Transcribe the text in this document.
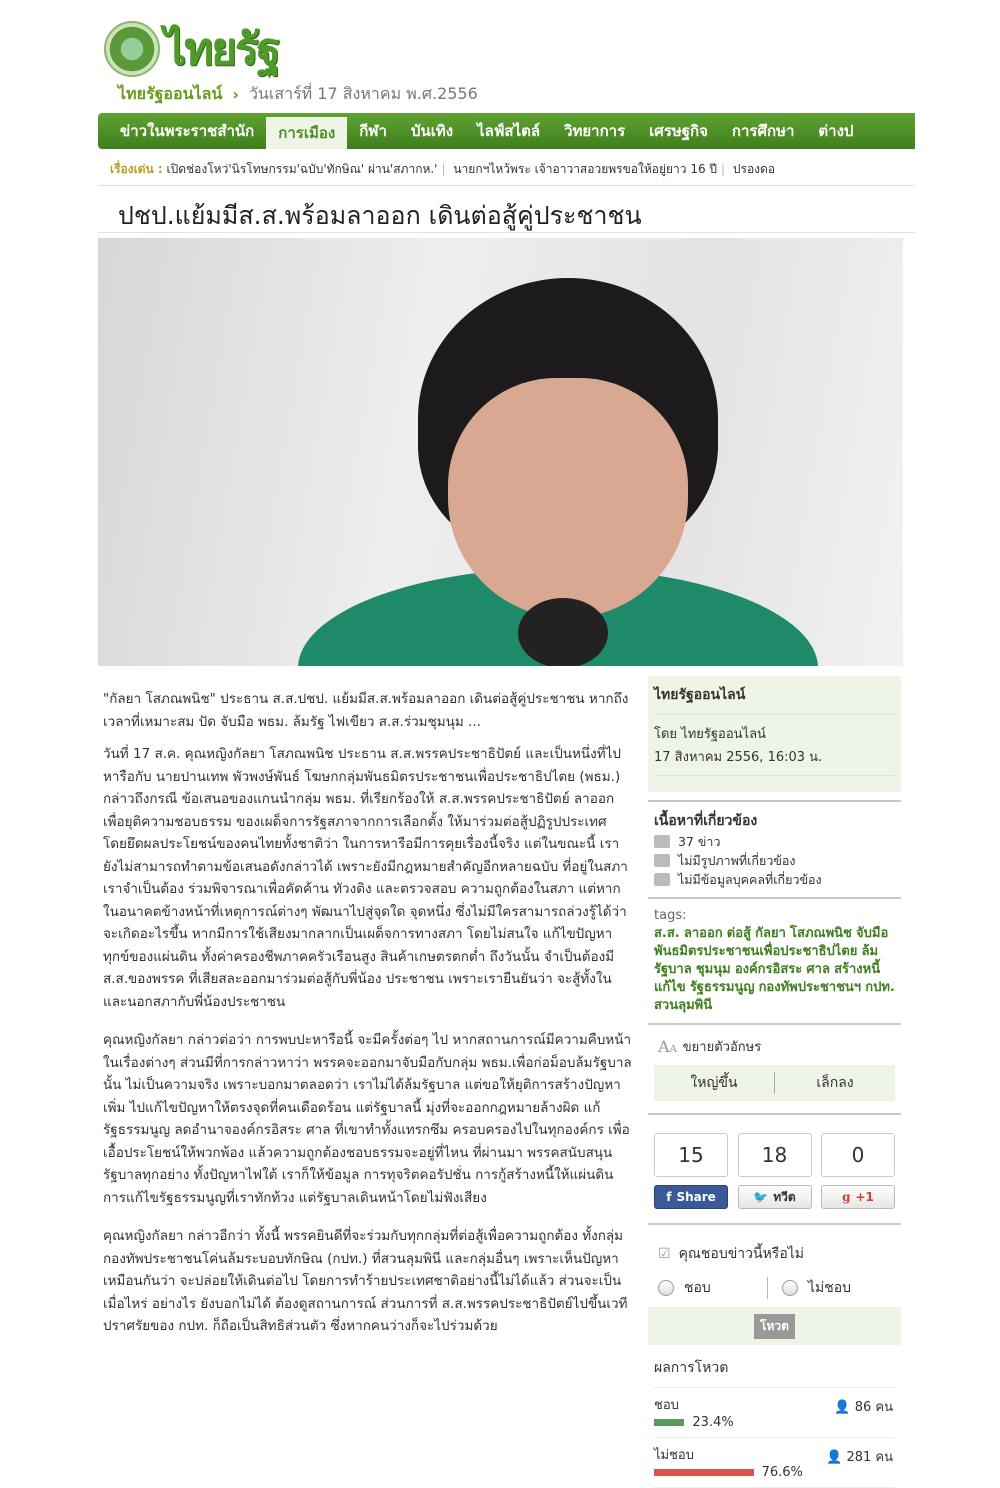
ไทยรัฐ
ไทยรัฐออนไลน์ › วันเสาร์ที่ 17 สิงหาคม พ.ศ.2556
ข่าวในพระราชสำนัก	การเมือง	กีฬา	บันเทิง	ไลฟ์สไตล์	วิทยาการ	เศรษฐกิจ	การศึกษา	ต่างป
เรื่องเด่น : เปิดช่องโหว่'นิรโทษกรรม'ฉบับ'ทักษิณ' ผ่าน'สภากห.' | นายกฯไหว้พระ เจ้าอาวาสอวยพรขอให้อยู่ยาว 16 ปี | ปรองดอ
ปชป.แย้มมีส.ส.พร้อมลาออก เดินต่อสู้คู่ประชาชน

"กัลยา โสภณพนิช" ประธาน ส.ส.ปชป. แย้มมีส.ส.พร้อมลาออก เดินต่อสู้คู่ประชาชน หากถึงเวลาที่เหมาะสม ปัด จับมือ พธม. ล้มรัฐ ไฟเขียว ส.ส.ร่วมชุมนุม ...

วันที่ 17 ส.ค. คุณหญิงกัลยา โสภณพนิช ประธาน ส.ส.พรรคประชาธิปัตย์ และเป็นหนึ่งที่ไปหารือกับ นายปานเทพ พัวพงษ์พันธ์ โฆษกกลุ่มพันธมิตรประชาชนเพื่อประชาธิปไตย (พธม.) กล่าวถึงกรณี ข้อเสนอของแกนนำกลุ่ม พธม. ที่เรียกร้องให้ ส.ส.พรรคประชาธิปัตย์ ลาออก เพื่อยุติความชอบธรรม ของเผด็จการรัฐสภาจากการเลือกตั้ง ให้มาร่วมต่อสู้ปฏิรูปประเทศ โดยยึดผลประโยชน์ของคนไทยทั้งชาติว่า ในการหารือมีการคุยเรื่องนี้จริง แต่ในขณะนี้ เรายังไม่สามารถทำตามข้อเสนอดังกล่าวได้ เพราะยังมีกฎหมายสำคัญอีกหลายฉบับ ที่อยู่ในสภา เราจำเป็นต้อง ร่วมพิจารณาเพื่อคัดค้าน ทัวงติง และตรวจสอบ ความถูกต้องในสภา แต่หากในอนาคตข้างหน้าที่เหตุการณ์ต่างๆ พัฒนาไปสู่จุดใด จุดหนึ่ง ซึ่งไม่มีใครสามารถล่วงรู้ได้ว่า จะเกิดอะไรขึ้น หากมีการใช้เสียงมากลากเป็นเผด็จการทางสภา โดยไม่สนใจ แก้ไขปัญหาทุกข์ของแผ่นดิน ทั้งค่าครองชีพภาคครัวเรือนสูง สินค้าเกษตรตกต่ำ ถึงวันนั้น จำเป็นต้องมี ส.ส.ของพรรค ที่เสียสละออกมาร่วมต่อสู้กับพี่น้อง ประชาชน เพราะเรายืนยันว่า จะสู้ทั้งในและนอกสภากับพี่น้องประชาชน

คุณหญิงกัลยา กล่าวต่อว่า การพบปะหารือนี้ จะมีครั้งต่อๆ ไป หากสถานการณ์มีความคืบหน้าในเรื่องต่างๆ ส่วนมีที่การกล่าวหาว่า พรรคจะออกมาจับมือกับกลุ่ม พธม.เพื่อก่อม็อบล้มรัฐบาลนั้น ไม่เป็นความจริง เพราะบอกมาตลอดว่า เราไม่ได้ล้มรัฐบาล แต่ขอให้ยุติการสร้างปัญหาเพิ่ม ไปแก้ไขปัญหาให้ตรงจุดที่คนเดือดร้อน แต่รัฐบาลนี้ มุ่งที่จะออกกฎหมายล้างผิด แก้รัฐธรรมนูญ ลดอำนาจองค์กรอิสระ ศาล ที่เขาทำทั้งแทรกซึม ครอบครองไปในทุกองค์กร เพื่อเอื้อประโยชน์ให้พวกพ้อง แล้วความถูกต้องชอบธรรมจะอยู่ที่ไหน ที่ผ่านมา พรรคสนับสนุนรัฐบาลทุกอย่าง ทั้งปัญหาไฟใต้ เราก็ให้ข้อมูล การทุจริตคอรัปชั่น การกู้สร้างหนี้ให้แผ่นดิน การแก้ไขรัฐธรรมนูญที่เราทักท้วง แต่รัฐบาลเดินหน้าโดยไม่ฟังเสียง

คุณหญิงกัลยา กล่าวอีกว่า ทั้งนี้ พรรคยินดีที่จะร่วมกับทุกกลุ่มที่ต่อสู้เพื่อความถูกต้อง ทั้งกลุ่มกองทัพประชาชนโค่นล้มระบอบทักษิณ (กปท.) ที่สวนลุมพินี และกลุ่มอื่นๆ เพราะเห็นปัญหาเหมือนกันว่า จะปล่อยให้เดินต่อไป โดยการทำร้ายประเทศชาติอย่างนี้ไม่ได้แล้ว ส่วนจะเป็นเมื่อไหร่ อย่างไร ยังบอกไม่ได้ ต้องดูสถานการณ์ ส่วนการที่ ส.ส.พรรคประชาธิปัตย์ไปขึ้นเวทีปราศรัยของ กปท. ก็ถือเป็นสิทธิส่วนตัว ซึ่งหากคนว่างก็จะไปร่วมด้วย

ไทยรัฐออนไลน์
โดย ไทยรัฐออนไลน์
17 สิงหาคม 2556, 16:03 น.
เนื้อหาที่เกี่ยวข้อง
37 ข่าว
ไม่มีรูปภาพที่เกี่ยวข้อง
ไม่มีข้อมูลบุคคลที่เกี่ยวข้อง
tags:
ส.ส. ลาออก ต่อสู้ กัลยา โสภณพนิช จับมือ พันธมิตรประชาชนเพื่อประชาธิปไตย ล้ม รัฐบาล ชุมนุม องค์กรอิสระ ศาล สร้างหนี้ แก้ไข รัฐธรรมนูญ กองทัพประชาชนฯ กปท. สวนลุมพินี
AA ขยายตัวอักษร
ใหญ่ขึ้น	เล็กลง
15
f Share
18
🐦 ทวีต
0
g +1
☑ คุณชอบข่าวนี้หรือไม่
ชอบ	ไม่ชอบ
โหวต
ผลการโหวต
ชอบ
23.4%
👤 86 คน
ไม่ชอบ
76.6%
👤 281 คน
